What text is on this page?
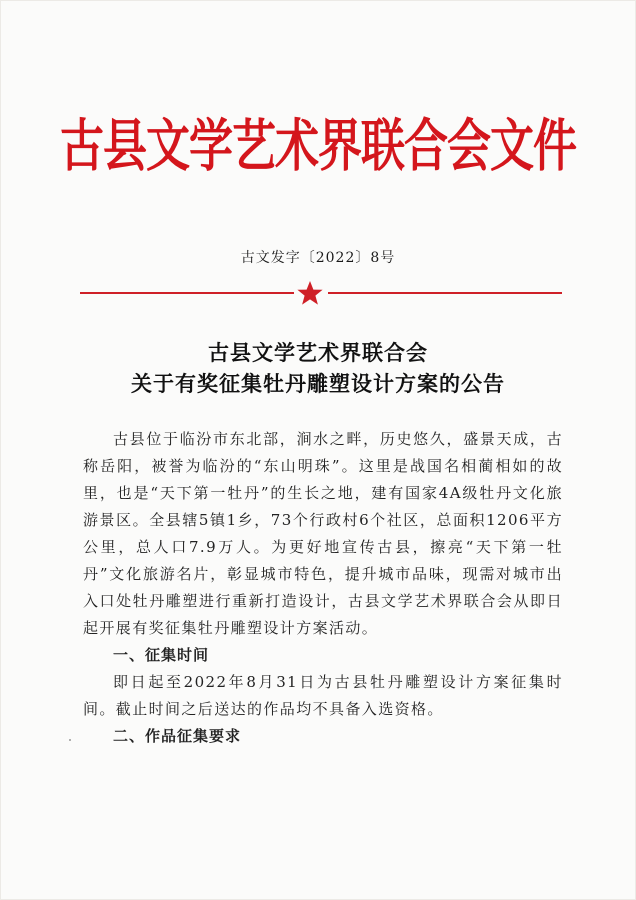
古县文学艺术界联合会文件
古文发字〔2022〕8号
古县文学艺术界联合会
关于有奖征集牡丹雕塑设计方案的公告

古县位于临汾市东北部，涧水之畔，历史悠久，盛景天成，古称岳阳，被誉为临汾的“东山明珠”。这里是战国名相蔺相如的故里，也是“天下第一牡丹”的生长之地，建有国家4A级牡丹文化旅游景区。全县辖5镇1乡，73个行政村6个社区，总面积1206平方公里，总人口7.9万人。为更好地宣传古县，擦亮“天下第一牡丹”文化旅游名片，彰显城市特色，提升城市品味，现需对城市出入口处牡丹雕塑进行重新打造设计，古县文学艺术界联合会从即日起开展有奖征集牡丹雕塑设计方案活动。

一、征集时间

即日起至2022年8月31日为古县牡丹雕塑设计方案征集时间。截止时间之后送达的作品均不具备入选资格。

二、作品征集要求
